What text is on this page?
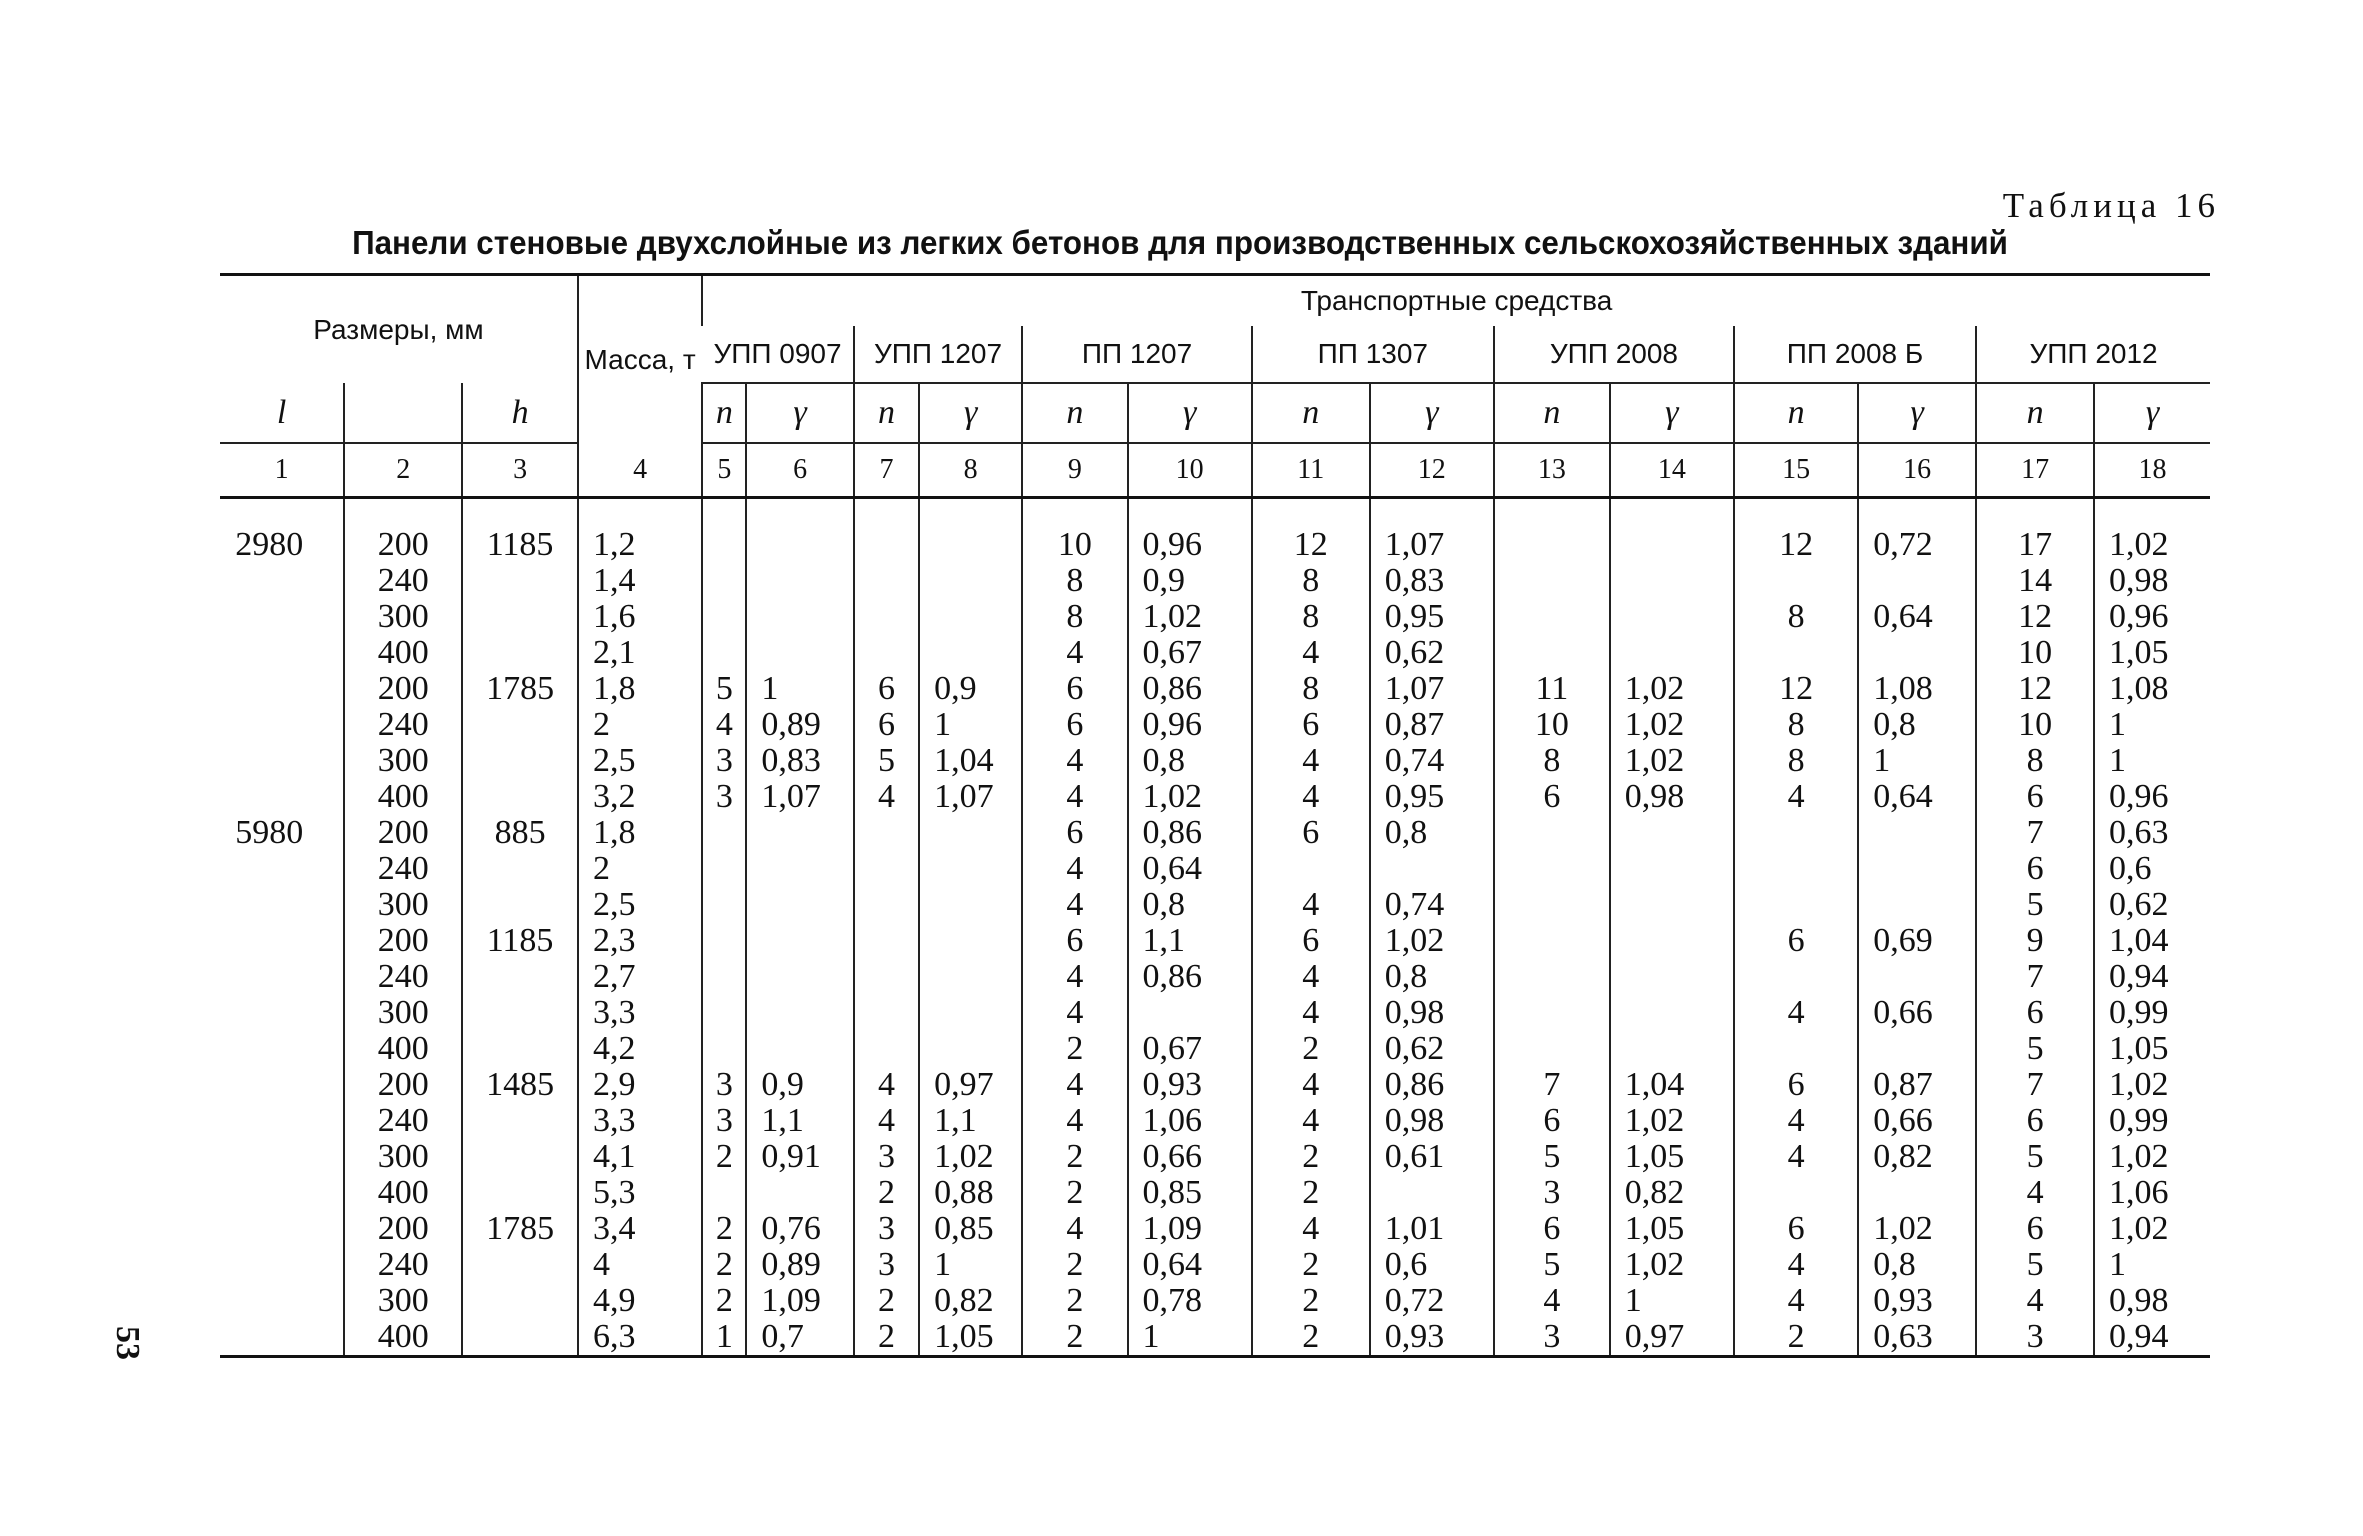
Таблица 16
Панели стеновые двухслойные из легких бетонов для производственных сельскохозяйственных зданий
53
Размеры, мм			Масса, т	Транспортные средства													
				УПП 0907		УПП 1207		ПП 1207		ПП 1307		УПП 2008		ПП 2008 Б		УПП 2012	
l		h		n	γ	n	γ	n	γ	n	γ	n	γ	n	γ	n	γ
1	2	3	4	5	6	7	8	9	10	11	12	13	14	15	16	17	18

2980	200	1185	1,2					10	0,96	12	1,07			12	0,72	17	1,02
	240		1,4					8	0,9	8	0,83					14	0,98
	300		1,6					8	1,02	8	0,95			8	0,64	12	0,96
	400		2,1					4	0,67	4	0,62					10	1,05
	200	1785	1,8	5	1	6	0,9	6	0,86	8	1,07	11	1,02	12	1,08	12	1,08
	240		2	4	0,89	6	1	6	0,96	6	0,87	10	1,02	8	0,8	10	1
	300		2,5	3	0,83	5	1,04	4	0,8	4	0,74	8	1,02	8	1	8	1
	400		3,2	3	1,07	4	1,07	4	1,02	4	0,95	6	0,98	4	0,64	6	0,96
5980	200	885	1,8					6	0,86	6	0,8					7	0,63
	240		2					4	0,64							6	0,6
	300		2,5					4	0,8	4	0,74					5	0,62
	200	1185	2,3					6	1,1	6	1,02			6	0,69	9	1,04
	240		2,7					4	0,86	4	0,8					7	0,94
	300		3,3					4		4	0,98			4	0,66	6	0,99
	400		4,2					2	0,67	2	0,62					5	1,05
	200	1485	2,9	3	0,9	4	0,97	4	0,93	4	0,86	7	1,04	6	0,87	7	1,02
	240		3,3	3	1,1	4	1,1	4	1,06	4	0,98	6	1,02	4	0,66	6	0,99
	300		4,1	2	0,91	3	1,02	2	0,66	2	0,61	5	1,05	4	0,82	5	1,02
	400		5,3			2	0,88	2	0,85	2		3	0,82			4	1,06
	200	1785	3,4	2	0,76	3	0,85	4	1,09	4	1,01	6	1,05	6	1,02	6	1,02
	240		4	2	0,89	3	1	2	0,64	2	0,6	5	1,02	4	0,8	5	1
	300		4,9	2	1,09	2	0,82	2	0,78	2	0,72	4	1	4	0,93	4	0,98
	400		6,3	1	0,7	2	1,05	2	1	2	0,93	3	0,97	2	0,63	3	0,94
